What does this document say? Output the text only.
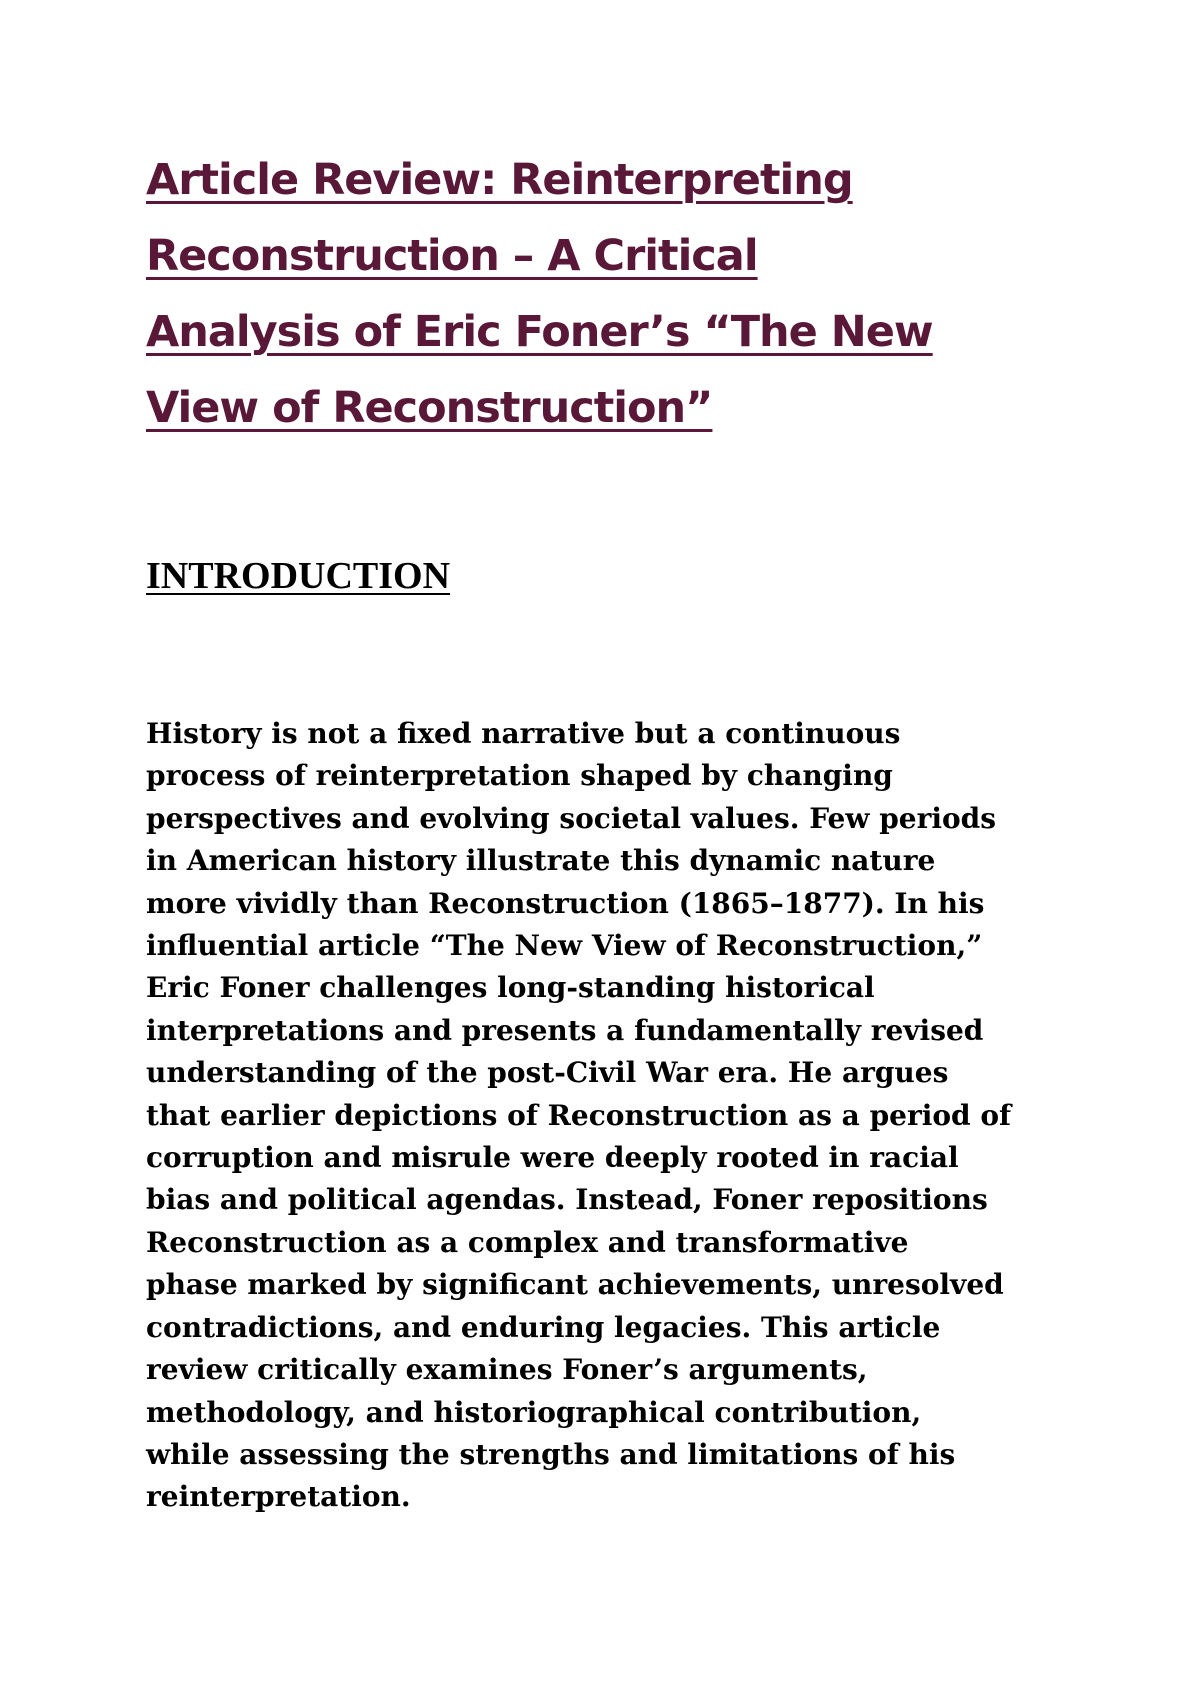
Article Review: Reinterpreting
Reconstruction – A Critical
Analysis of Eric Foner’s “The New
View of Reconstruction”
INTRODUCTION
History is not a fixed narrative but a continuous
process of reinterpretation shaped by changing
perspectives and evolving societal values. Few periods
in American history illustrate this dynamic nature
more vividly than Reconstruction (1865–1877). In his
influential article “The New View of Reconstruction,”
Eric Foner challenges long-standing historical
interpretations and presents a fundamentally revised
understanding of the post-Civil War era. He argues
that earlier depictions of Reconstruction as a period of
corruption and misrule were deeply rooted in racial
bias and political agendas. Instead, Foner repositions
Reconstruction as a complex and transformative
phase marked by significant achievements, unresolved
contradictions, and enduring legacies. This article
review critically examines Foner’s arguments,
methodology, and historiographical contribution,
while assessing the strengths and limitations of his
reinterpretation.
